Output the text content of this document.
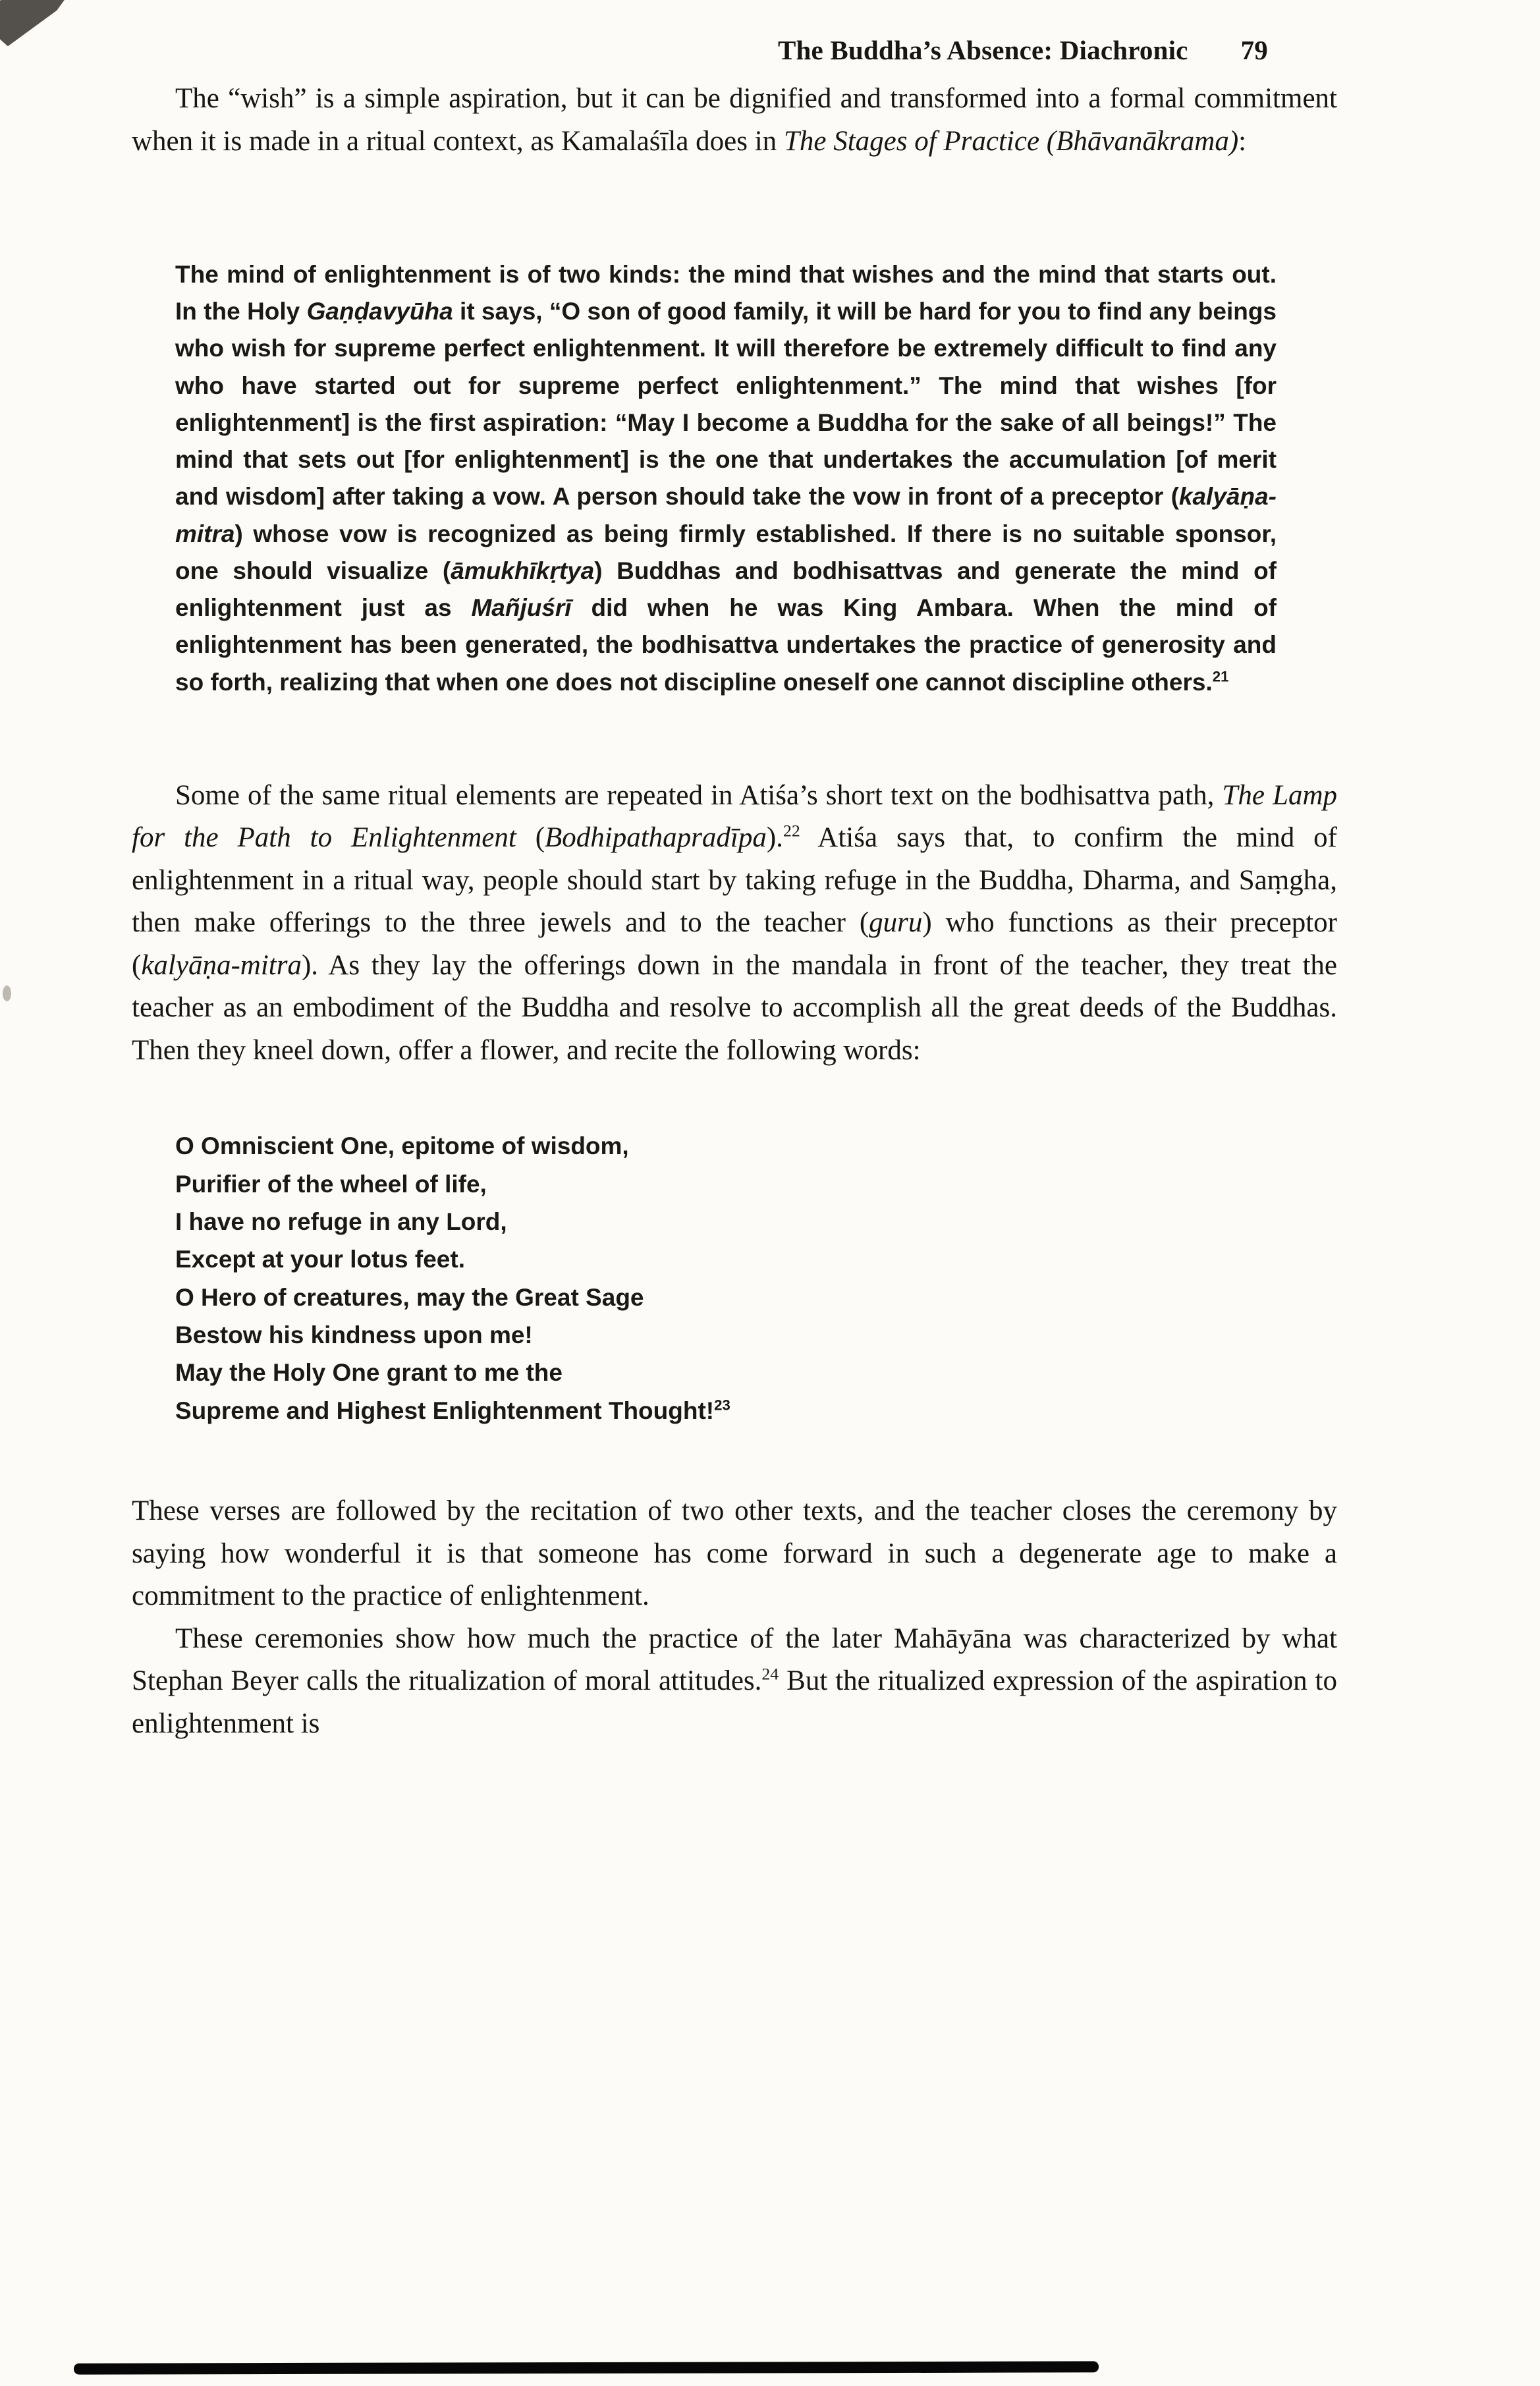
The Buddha’s Absence: Diachronic 79

The “wish” is a simple aspiration, but it can be dignified and transformed into a formal commitment when it is made in a ritual context, as Kamalaśīla does in The Stages of Practice (Bhāvanākrama):

The mind of enlightenment is of two kinds: the mind that wishes and the mind that starts out. In the Holy Gaṇḍavyūha it says, “O son of good family, it will be hard for you to find any beings who wish for supreme perfect enlightenment. It will therefore be extremely difficult to find any who have started out for supreme perfect enlightenment.” The mind that wishes [for enlightenment] is the first aspiration: “May I become a Buddha for the sake of all beings!” The mind that sets out [for enlightenment] is the one that undertakes the accumulation [of merit and wisdom] after taking a vow. A person should take the vow in front of a preceptor (kalyāṇa-mitra) whose vow is recognized as being firmly established. If there is no suitable sponsor, one should visualize (āmukhīkṛtya) Buddhas and bodhisattvas and generate the mind of enlightenment just as Mañjuśrī did when he was King Ambara. When the mind of enlightenment has been generated, the bodhisattva undertakes the practice of generosity and so forth, realizing that when one does not discipline oneself one cannot discipline others.$^{21}$

Some of the same ritual elements are repeated in Atiśa’s short text on the bodhisattva path, The Lamp for the Path to Enlightenment (Bodhipathapradīpa).$^{22}$ Atiśa says that, to confirm the mind of enlightenment in a ritual way, people should start by taking refuge in the Buddha, Dharma, and Saṃgha, then make offerings to the three jewels and to the teacher (guru) who functions as their preceptor (kalyāṇa-mitra). As they lay the offerings down in the mandala in front of the teacher, they treat the teacher as an embodiment of the Buddha and resolve to accomplish all the great deeds of the Buddhas. Then they kneel down, offer a flower, and recite the following words:

O Omniscient One, epitome of wisdom,
Purifier of the wheel of life,
I have no refuge in any Lord,
Except at your lotus feet.
O Hero of creatures, may the Great Sage
Bestow his kindness upon me!
May the Holy One grant to me the
Supreme and Highest Enlightenment Thought!$^{23}$

These verses are followed by the recitation of two other texts, and the teacher closes the ceremony by saying how wonderful it is that someone has come forward in such a degenerate age to make a commitment to the practice of enlightenment.

These ceremonies show how much the practice of the later Mahāyāna was characterized by what Stephan Beyer calls the ritualization of moral attitudes.$^{24}$ But the ritualized expression of the aspiration to enlightenment is
